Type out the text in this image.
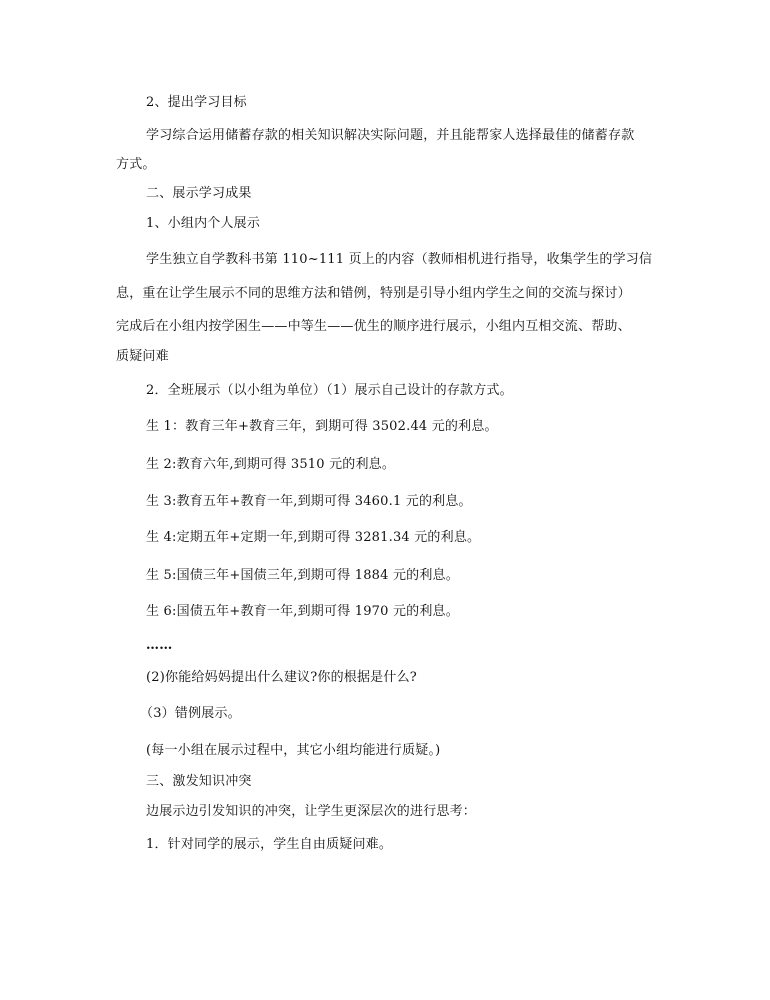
2、提出学习目标
学习综合运用储蓄存款的相关知识解决实际问题，并且能帮家人选择最佳的储蓄存款
方式。
二、展示学习成果
1、小组内个人展示
学生独立自学教科书第 110~111 页上的内容（教师相机进行指导，收集学生的学习信
息，重在让学生展示不同的思维方法和错例，特别是引导小组内学生之间的交流与探讨）
完成后在小组内按学困生——中等生——优生的顺序进行展示，小组内互相交流、帮助、
质疑问难
2．全班展示（以小组为单位）（1）展示自己设计的存款方式。
生 1：教育三年+教育三年，到期可得 3502.44 元的利息。
生 2:教育六年,到期可得 3510 元的利息。
生 3:教育五年+教育一年,到期可得 3460.1 元的利息。
生 4:定期五年+定期一年,到期可得 3281.34 元的利息。
生 5:国债三年+国债三年,到期可得 1884 元的利息。
生 6:国债五年+教育一年,到期可得 1970 元的利息。
……
(2)你能给妈妈提出什么建议?你的根据是什么?
（3）错例展示。
(每一小组在展示过程中，其它小组均能进行质疑。)
三、激发知识冲突
边展示边引发知识的冲突，让学生更深层次的进行思考：
1．针对同学的展示，学生自由质疑问难。
